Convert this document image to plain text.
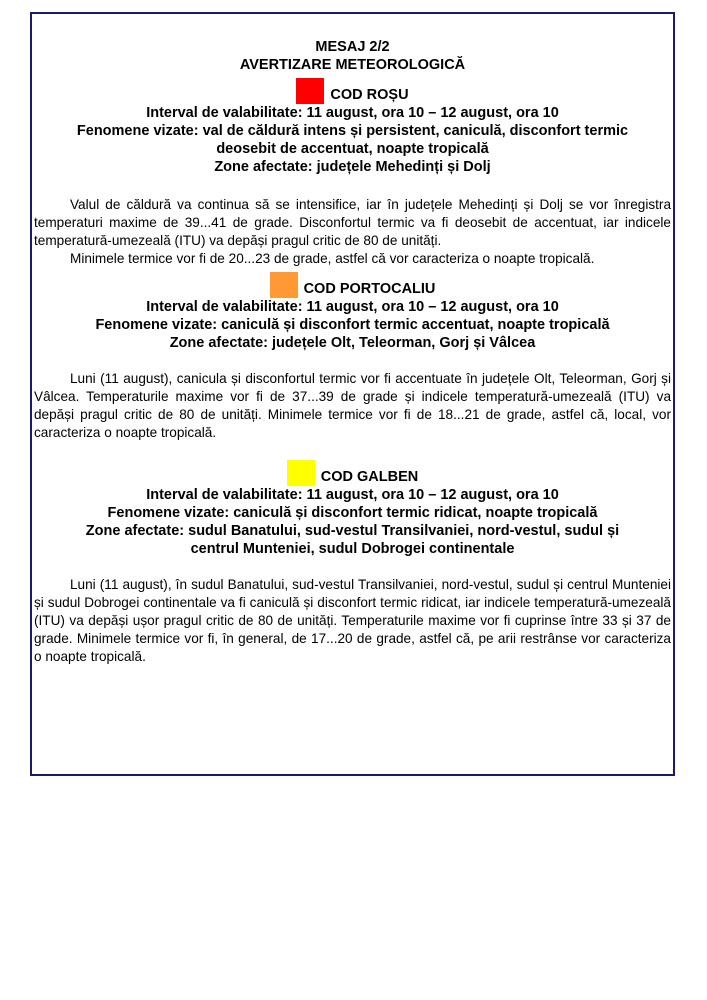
MESAJ 2/2
AVERTIZARE METEOROLOGICĂ
COD ROȘU
Interval de valabilitate: 11 august, ora 10 – 12 august, ora 10
Fenomene vizate: val de căldură intens și persistent, caniculă, disconfort termic
deosebit de accentuat, noapte tropicală
Zone afectate: județele Mehedinți și Dolj

Valul de căldură va continua să se intensifice, iar în județele Mehedinți și Dolj se vor înregistra temperaturi maxime de 39...41 de grade. Disconfortul termic va fi deosebit de accentuat, iar indicele temperatură-umezeală (ITU) va depăși pragul critic de 80 de unități.

Minimele termice vor fi de 20...23 de grade, astfel că vor caracteriza o noapte tropicală.

COD PORTOCALIU
Interval de valabilitate: 11 august, ora 10 – 12 august, ora 10
Fenomene vizate: caniculă și disconfort termic accentuat, noapte tropicală
Zone afectate: județele Olt, Teleorman, Gorj și Vâlcea

Luni (11 august), canicula și disconfortul termic vor fi accentuate în județele Olt, Teleorman, Gorj și Vâlcea. Temperaturile maxime vor fi de 37...39 de grade și indicele temperatură-umezeală (ITU) va depăși pragul critic de 80 de unități. Minimele termice vor fi de 18...21 de grade, astfel că, local, vor caracteriza o noapte tropicală.

COD GALBEN
Interval de valabilitate: 11 august, ora 10 – 12 august, ora 10
Fenomene vizate: caniculă și disconfort termic ridicat, noapte tropicală
Zone afectate: sudul Banatului, sud-vestul Transilvaniei, nord-vestul, sudul și
centrul Munteniei, sudul Dobrogei continentale

Luni (11 august), în sudul Banatului, sud-vestul Transilvaniei, nord-vestul, sudul și centrul Munteniei și sudul Dobrogei continentale va fi caniculă și disconfort termic ridicat, iar indicele temperatură-umezeală (ITU) va depăși ușor pragul critic de 80 de unități. Temperaturile maxime vor fi cuprinse între 33 și 37 de grade. Minimele termice vor fi, în general, de 17...20 de grade, astfel că, pe arii restrânse vor caracteriza o noapte tropicală.
